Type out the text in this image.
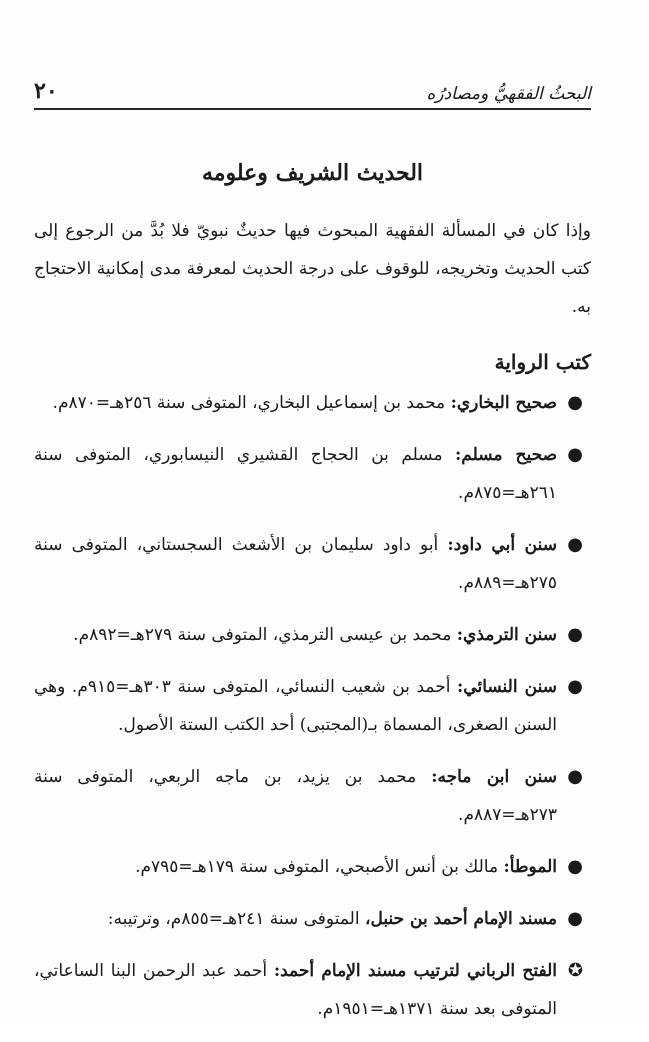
البحثُ الفقهيُّ ومصادرُه
٢٠
الحديث الشريف وعلومه

وإذا كان في المسألة الفقهية المبحوث فيها حديثٌ نبويّ فلا بُدَّ من الرجوع إلى كتب الحديث وتخريجه، للوقوف على درجة الحديث لمعرفة مدى إمكانية الاحتجاج به.

كتب الرواية

●
صحيح البخاري: محمد بن إسماعيل البخاري، المتوفى سنة ٢٥٦هـ=٨٧٠م.

●
صحيح مسلم: مسلم بن الحجاج القشيري النيسابوري، المتوفى سنة ٢٦١هـ=٨٧٥م.

●
سنن أبي داود: أبو داود سليمان بن الأشعث السجستاني، المتوفى سنة ٢٧٥هـ=٨٨٩م.

●
سنن الترمذي: محمد بن عيسى الترمذي، المتوفى سنة ٢٧٩هـ=٨٩٢م.

●
سنن النسائي: أحمد بن شعيب النسائي، المتوفى سنة ٣٠٣هـ=٩١٥م. وهي السنن الصغرى، المسماة بـ(المجتبى) أحد الكتب الستة الأصول.

●
سنن ابن ماجه: محمد بن يزيد، بن ماجه الربعي، المتوفى سنة ٢٧٣هـ=٨٨٧م.

●
الموطأ: مالك بن أنس الأصبحي، المتوفى سنة ١٧٩هـ=٧٩٥م.

●
مسند الإمام أحمد بن حنبل، المتوفى سنة ٢٤١هـ=٨٥٥م، وترتيبه:

✪
الفتح الرباني لترتيب مسند الإمام أحمد: أحمد عبد الرحمن البنا الساعاتي، المتوفى بعد سنة ١٣٧١هـ=١٩٥١م.
